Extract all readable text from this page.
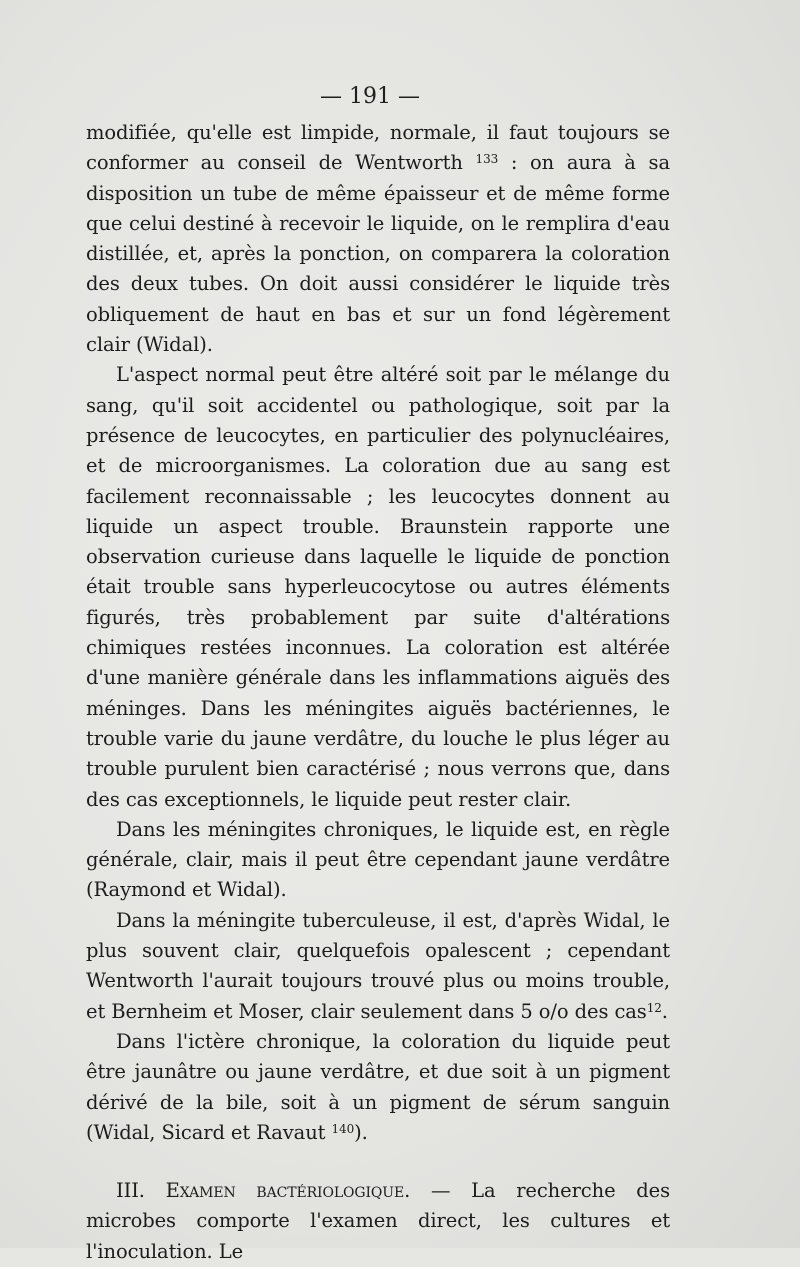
— 191 —

modifiée, qu'elle est limpide, normale, il faut toujours se conformer au conseil de Wentworth $^{133}$ : on aura à sa disposition un tube de même épaisseur et de même forme que celui destiné à recevoir le liquide, on le remplira d'eau distillée, et, après la ponction, on comparera la coloration des deux tubes. On doit aussi considérer le liquide très obliquement de haut en bas et sur un fond légèrement clair (Widal).

L'aspect normal peut être altéré soit par le mélange du sang, qu'il soit accidentel ou pathologique, soit par la présence de leucocytes, en particulier des polynucléaires, et de microorganismes. La coloration due au sang est facilement reconnaissable ; les leucocytes donnent au liquide un aspect trouble. Braunstein rapporte une observation curieuse dans laquelle le liquide de ponction était trouble sans hyperleucocytose ou autres éléments figurés, très probablement par suite d'altérations chimiques restées inconnues. La coloration est altérée d'une manière générale dans les inflammations aiguës des méninges. Dans les méningites aiguës bactériennes, le trouble varie du jaune verdâtre, du louche le plus léger au trouble purulent bien caractérisé ; nous verrons que, dans des cas exceptionnels, le liquide peut rester clair.

Dans les méningites chroniques, le liquide est, en règle générale, clair, mais il peut être cependant jaune verdâtre (Raymond et Widal).

Dans la méningite tuberculeuse, il est, d'après Widal, le plus souvent clair, quelquefois opalescent ; cependant Wentworth l'aurait toujours trouvé plus ou moins trouble, et Bernheim et Moser, clair seulement dans 5 o/o des cas$^{12}$.

Dans l'ictère chronique, la coloration du liquide peut être jaunâtre ou jaune verdâtre, et due soit à un pigment dérivé de la bile, soit à un pigment de sérum sanguin (Widal, Sicard et Ravaut $^{140}$).

III. Examen bactériologique. — La recherche des microbes comporte l'examen direct, les cultures et l'inoculation. Le
